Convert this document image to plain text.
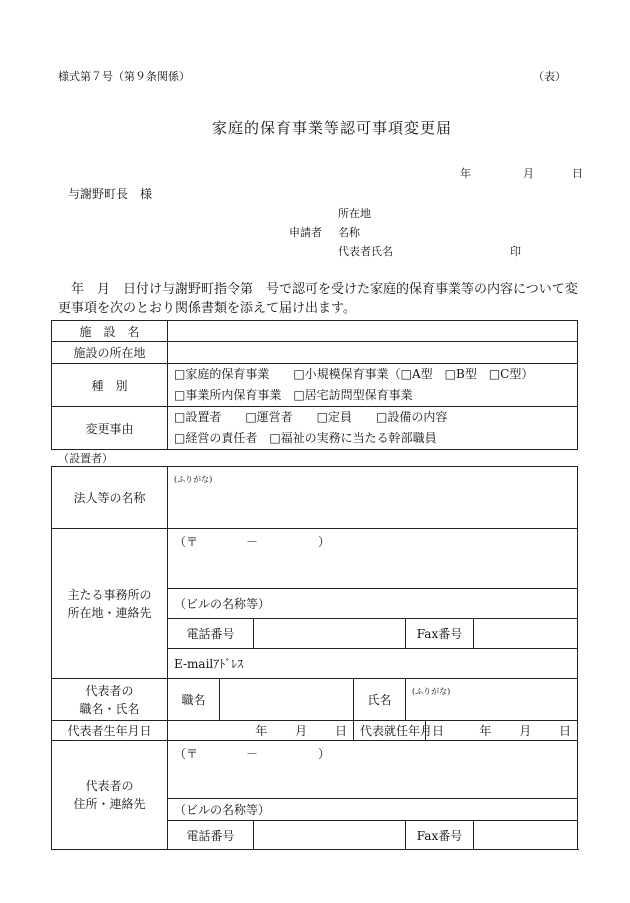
様式第７号（第９条関係）	（表）
家庭的保育事業等認可事項変更届
年	月	日
与謝野町長　様
所在地
申請者 名称
代表者氏名	印
　年　月　日付け与謝野町指令第　号で認可を受けた家庭的保育事業等の内容について変更事項を次のとおり関係書類を添えて届け出ます。
施　設　名	
施設の所在地	
種　別	□家庭的保育事業　　□小規模保育事業（□A型　□B型　□C型）
□事業所内保育事業　□居宅訪問型保育事業

変更事由	□設置者　　□運営者　　□定員　　□設備の内容
□経営の責任者　□福祉の実務に当たる幹部職員
（設置者）
法人等の名称	(ふりがな)						

主たる事務所の
所在地・連絡先	（〒　　　　－　　　　　）						
	（ビルの名称等）						
	電話番号				Fax番号		
	E-mailｱﾄﾞﾚｽ						

代表者の
職名・氏名	職名			氏名	(ふりがな)		
代表者生年月日	年　　 月　　 日			代表就任年月日		年　　 月　　 日	

代表者の
住所・連絡先	（〒　　　　－　　　　　）						
	（ビルの名称等）						
	電話番号				Fax番号		
